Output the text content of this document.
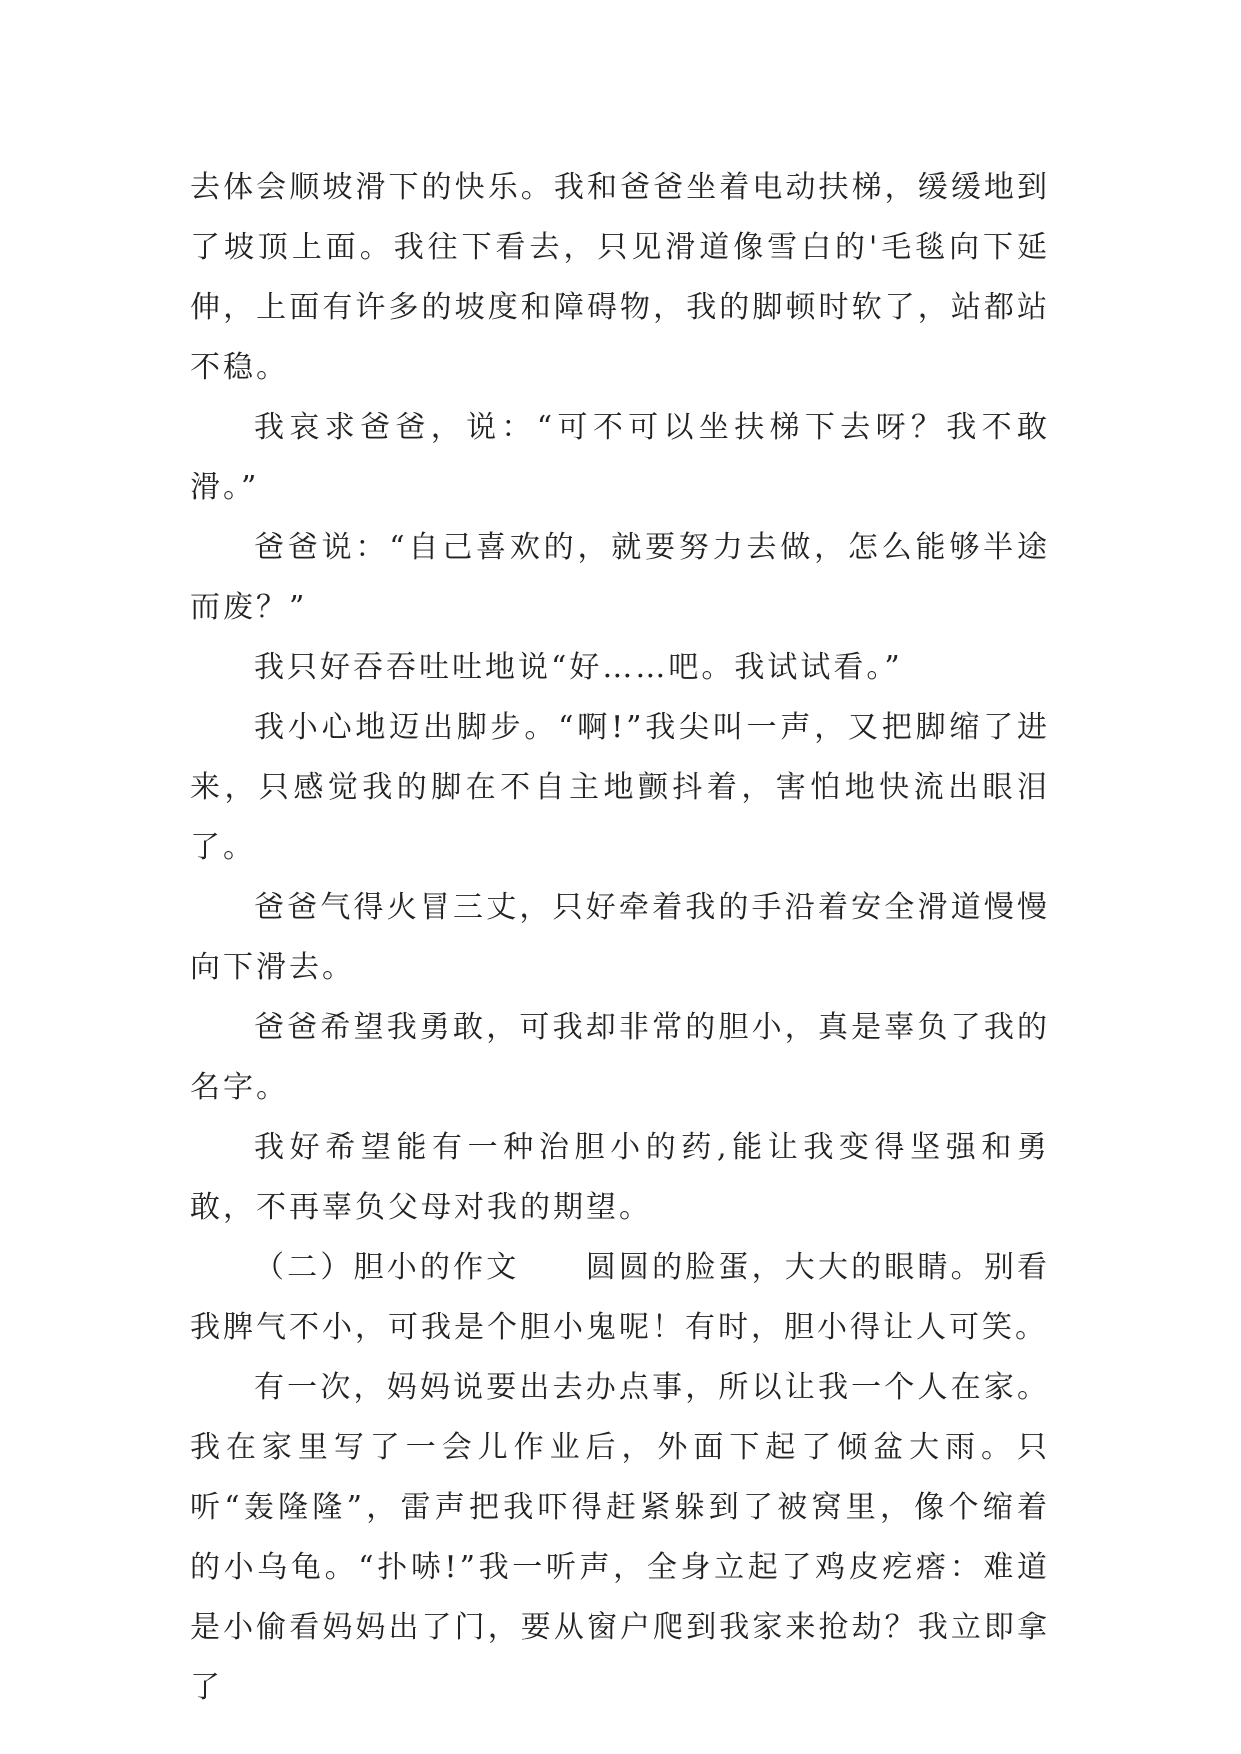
去体会顺坡滑下的快乐。我和爸爸坐着电动扶梯，缓缓地到了坡顶上面。我往下看去，只见滑道像雪白的'毛毯向下延伸，上面有许多的坡度和障碍物，我的脚顿时软了，站都站不稳。

我哀求爸爸，说：“可不可以坐扶梯下去呀？我不敢滑。”

爸爸说：“自己喜欢的，就要努力去做，怎么能够半途而废？”

我只好吞吞吐吐地说“好……吧。我试试看。”

我小心地迈出脚步。“啊!”我尖叫一声，又把脚缩了进来，只感觉我的脚在不自主地颤抖着，害怕地快流出眼泪了。

爸爸气得火冒三丈，只好牵着我的手沿着安全滑道慢慢向下滑去。

爸爸希望我勇敢，可我却非常的胆小，真是辜负了我的名字。

我好希望能有一种治胆小的药,能让我变得坚强和勇敢，不再辜负父母对我的期望。

（二）胆小的作文　　圆圆的脸蛋，大大的眼睛。别看我脾气不小，可我是个胆小鬼呢！有时，胆小得让人可笑。

有一次，妈妈说要出去办点事，所以让我一个人在家。我在家里写了一会儿作业后，外面下起了倾盆大雨。只听“轰隆隆”，雷声把我吓得赶紧躲到了被窝里，像个缩着的小乌龟。“扑哧!”我一听声，全身立起了鸡皮疙瘩：难道是小偷看妈妈出了门，要从窗户爬到我家来抢劫？我立即拿了
